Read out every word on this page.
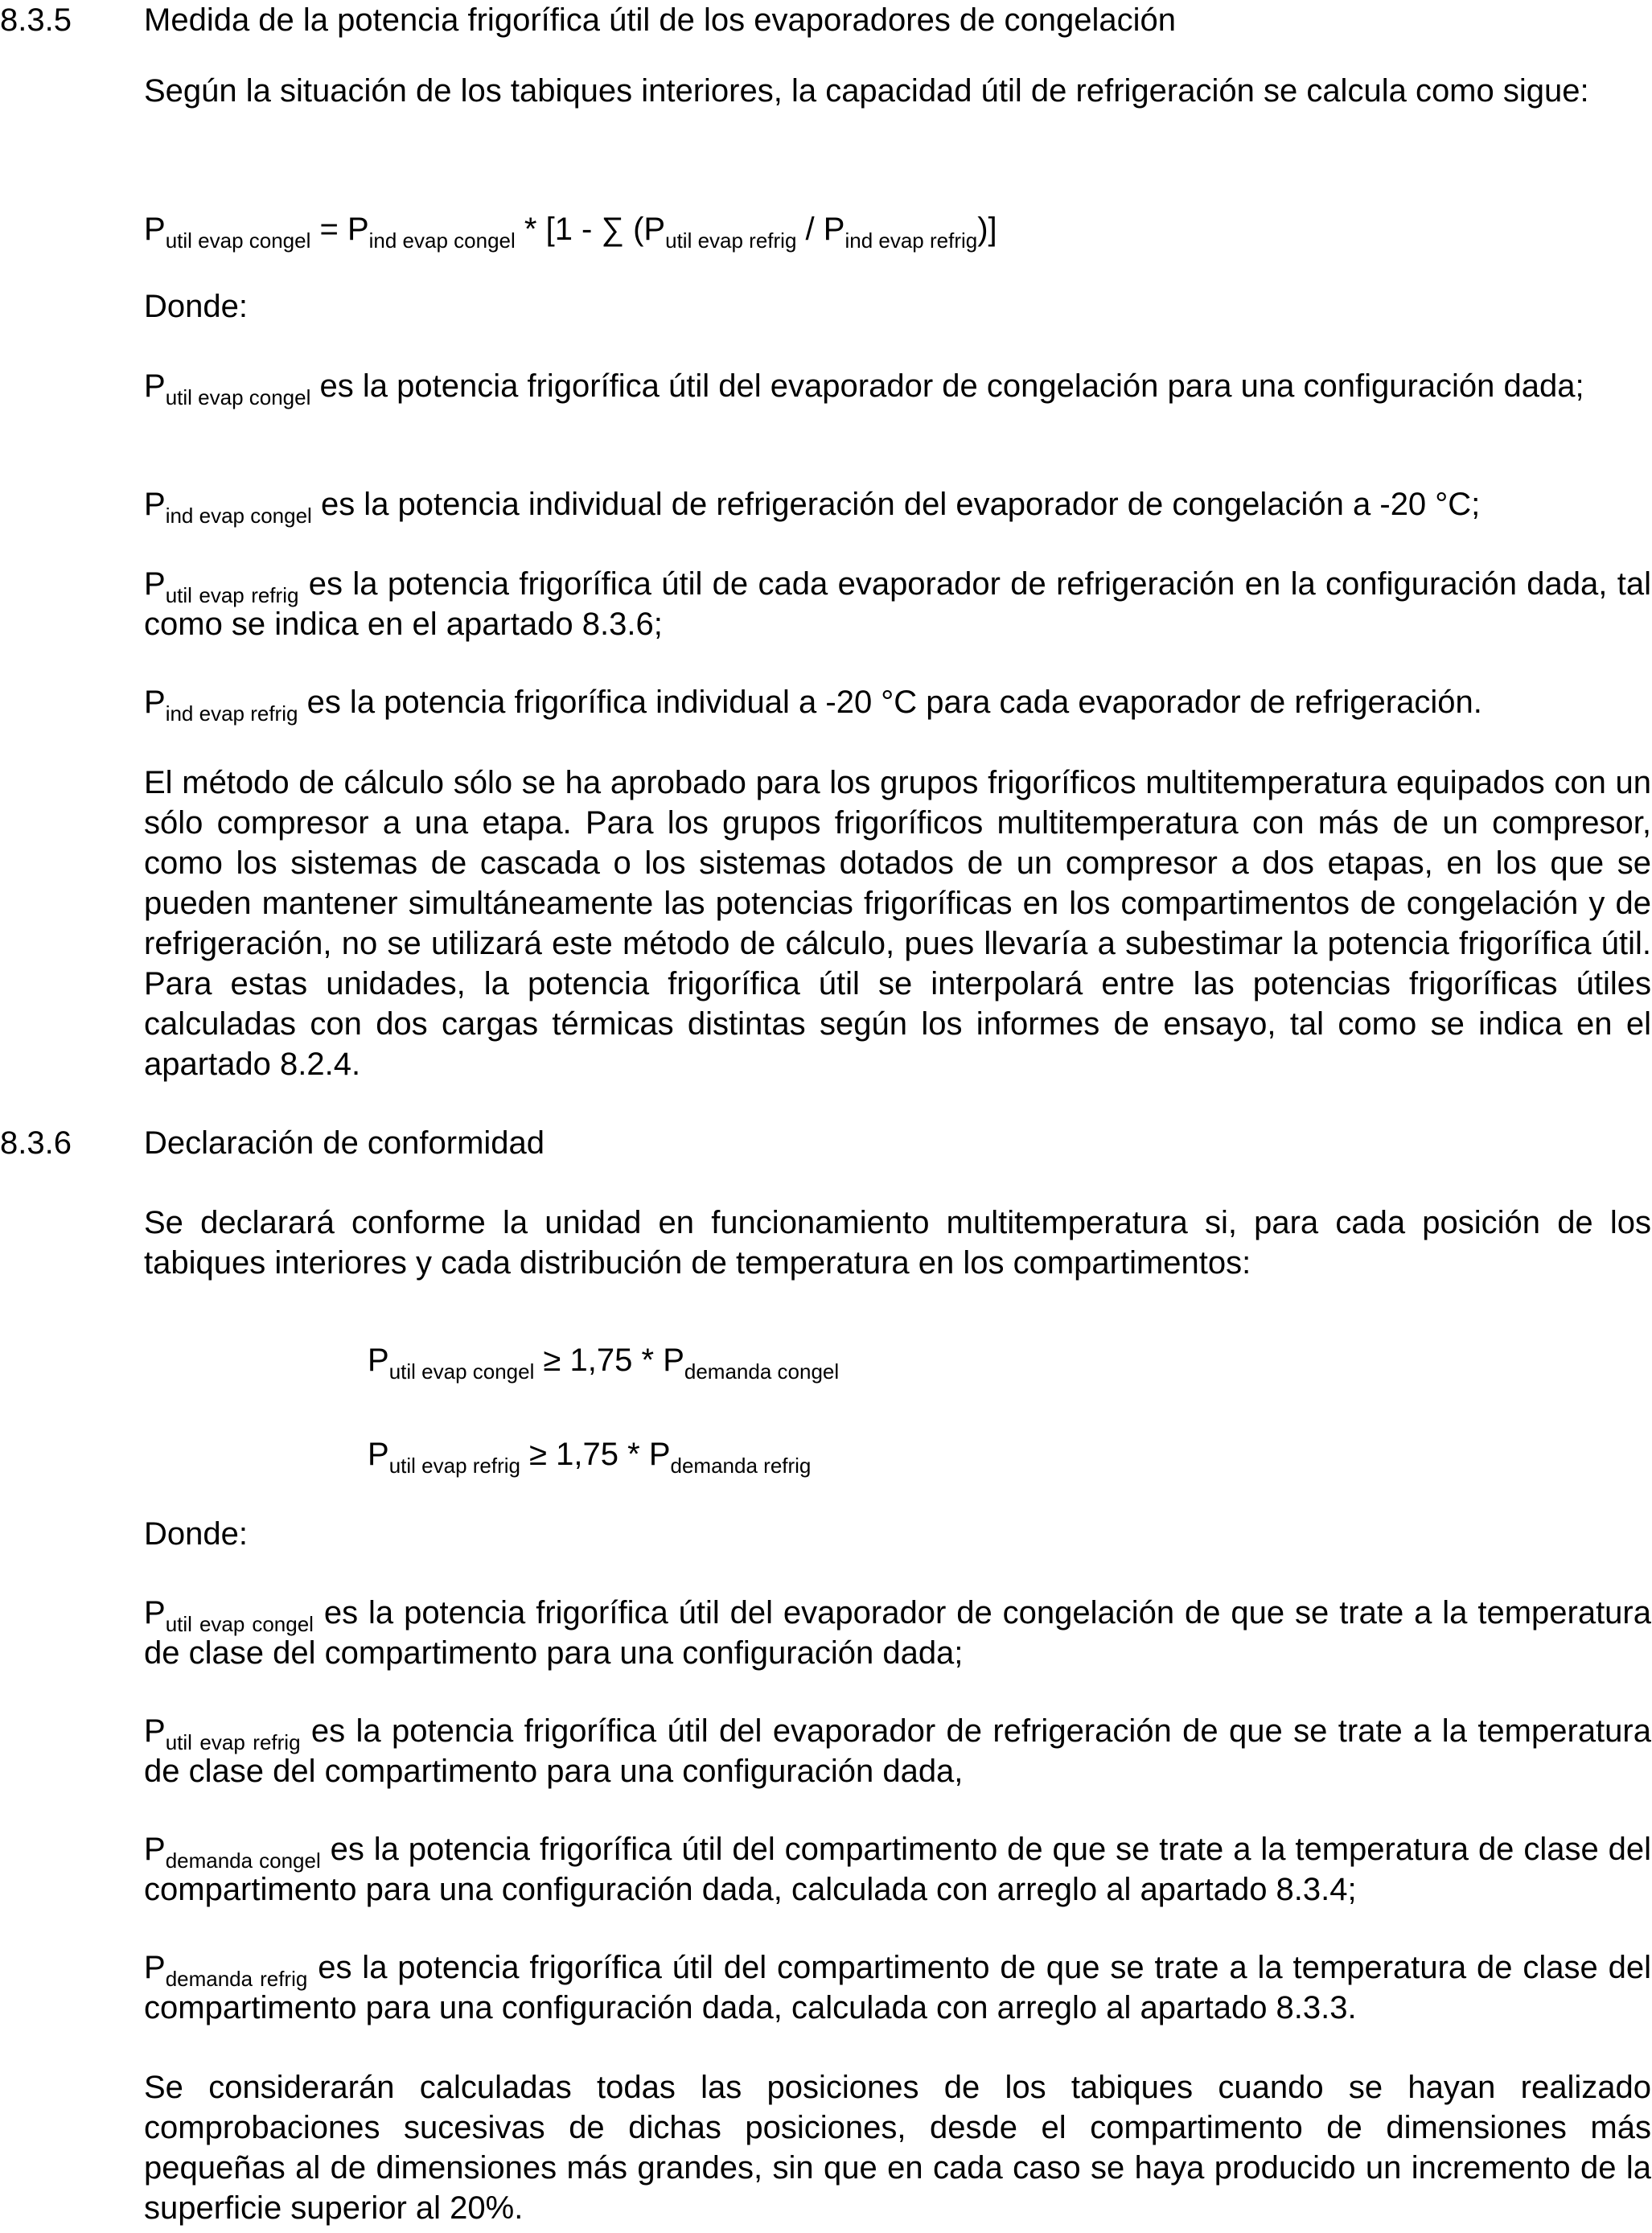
8.3.5 Medida de la potencia frigorífica útil de los evaporadores de congelación

Según la situación de los tabiques interiores, la capacidad útil de refrigeración se calcula como sigue:

$P_{util evap congel} = P_{ind evap congel} * [1$ - ∑ $(P_{util evap refrig} / P_{ind evap refrig})$]

Donde:

$P_{util evap congel}$ es la potencia frigorífica útil del evaporador de congelación para una configuración dada;

$P_{ind evap congel}$ es la potencia individual de refrigeración del evaporador de congelación a -20 °C;

$P_{util evap refrig}$ es la potencia frigorífica útil de cada evaporador de refrigeración en la configuración dada, tal como se indica en el apartado 8.3.6;

$P_{ind evap refrig}$ es la potencia frigorífica individual a -20 °C para cada evaporador de refrigeración.

El método de cálculo sólo se ha aprobado para los grupos frigoríficos multitemperatura equipados con un sólo compresor a una etapa. Para los grupos frigoríficos multitemperatura con más de un compresor, como los sistemas de cascada o los sistemas dotados de un compresor a dos etapas, en los que se pueden mantener simultáneamente las potencias frigoríficas en los compartimentos de congelación y de refrigeración, no se utilizará este método de cálculo, pues llevaría a subestimar la potencia frigorífica útil. Para estas unidades, la potencia frigorífica útil se interpolará entre las potencias frigoríficas útiles calculadas con dos cargas térmicas distintas según los informes de ensayo, tal como se indica en el apartado 8.2.4.

8.3.6 Declaración de conformidad

Se declarará conforme la unidad en funcionamiento multitemperatura si, para cada posición de los tabiques interiores y cada distribución de temperatura en los compartimentos:

$P_{util evap congel} \ge 1,75 * P_{demanda congel}$
$P_{util evap refrig} \ge 1,75 * P_{demanda refrig}$

Donde:

$P_{util evap congel}$ es la potencia frigorífica útil del evaporador de congelación de que se trate a la temperatura de clase del compartimento para una configuración dada;

$P_{util evap refrig}$ es la potencia frigorífica útil del evaporador de refrigeración de que se trate a la temperatura de clase del compartimento para una configuración dada,

$P_{demanda congel}$ es la potencia frigorífica útil del compartimento de que se trate a la temperatura de clase del compartimento para una configuración dada, calculada con arreglo al apartado 8.3.4;

$P_{demanda refrig}$ es la potencia frigorífica útil del compartimento de que se trate a la temperatura de clase del compartimento para una configuración dada, calculada con arreglo al apartado 8.3.3.

Se considerarán calculadas todas las posiciones de los tabiques cuando se hayan realizado comprobaciones sucesivas de dichas posiciones, desde el compartimento de dimensiones más pequeñas al de dimensiones más grandes, sin que en cada caso se haya producido un incremento de la superficie superior al 20%.
